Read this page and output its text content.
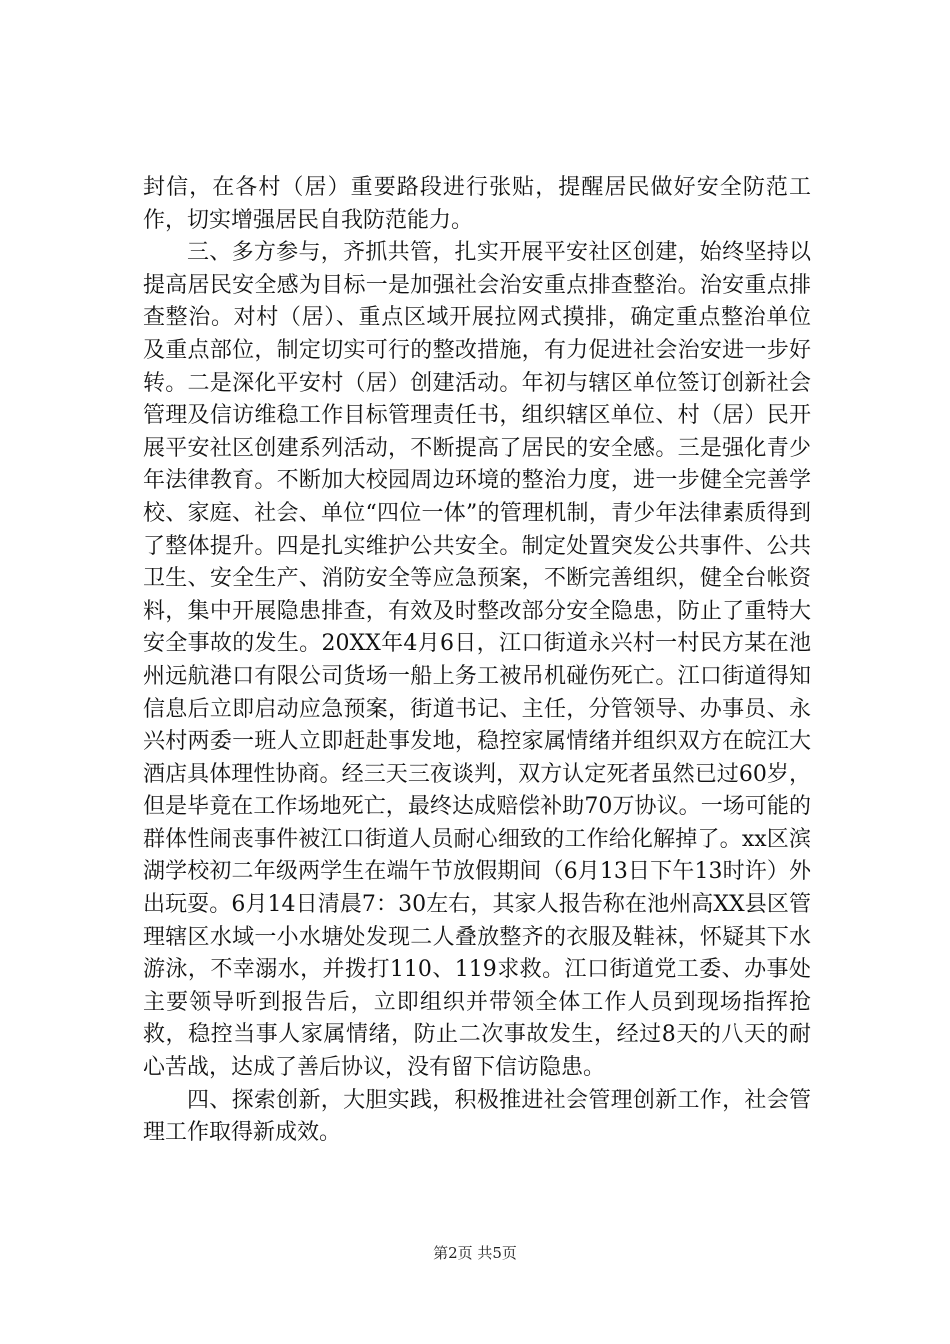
封信，在各村（居）重要路段进行张贴，提醒居民做好安全防范工作，切实增强居民自我防范能力。

三、多方参与，齐抓共管，扎实开展平安社区创建，始终坚持以提高居民安全感为目标一是加强社会治安重点排查整治。治安重点排查整治。对村（居）、重点区域开展拉网式摸排，确定重点整治单位及重点部位，制定切实可行的整改措施，有力促进社会治安进一步好转。二是深化平安村（居）创建活动。年初与辖区单位签订创新社会管理及信访维稳工作目标管理责任书，组织辖区单位、村（居）民开展平安社区创建系列活动，不断提高了居民的安全感。三是强化青少年法律教育。不断加大校园周边环境的整治力度，进一步健全完善学校、家庭、社会、单位“四位一体”的管理机制，青少年法律素质得到了整体提升。四是扎实维护公共安全。制定处置突发公共事件、公共卫生、安全生产、消防安全等应急预案，不断完善组织，健全台帐资料，集中开展隐患排查，有效及时整改部分安全隐患，防止了重特大安全事故的发生。20XX年4月6日，江口街道永兴村一村民方某在池州远航港口有限公司货场一船上务工被吊机碰伤死亡。江口街道得知信息后立即启动应急预案，街道书记、主任，分管领导、办事员、永兴村两委一班人立即赶赴事发地，稳控家属情绪并组织双方在皖江大酒店具体理性协商。经三天三夜谈判，双方认定死者虽然已过60岁，但是毕竟在工作场地死亡，最终达成赔偿补助70万协议。一场可能的群体性闹丧事件被江口街道人员耐心细致的工作给化解掉了。xx区滨湖学校初二年级两学生在端午节放假期间（6月13日下午13时许）外出玩耍。6月14日清晨7：30左右，其家人报告称在池州高XX县区管理辖区水域一小水塘处发现二人叠放整齐的衣服及鞋袜，怀疑其下水游泳，不幸溺水，并拨打110、119求救。江口街道党工委、办事处主要领导听到报告后，立即组织并带领全体工作人员到现场指挥抢救，稳控当事人家属情绪，防止二次事故发生，经过8天的八天的耐心苦战，达成了善后协议，没有留下信访隐患。

四、探索创新，大胆实践，积极推进社会管理创新工作，社会管理工作取得新成效。

第2页 共5页
